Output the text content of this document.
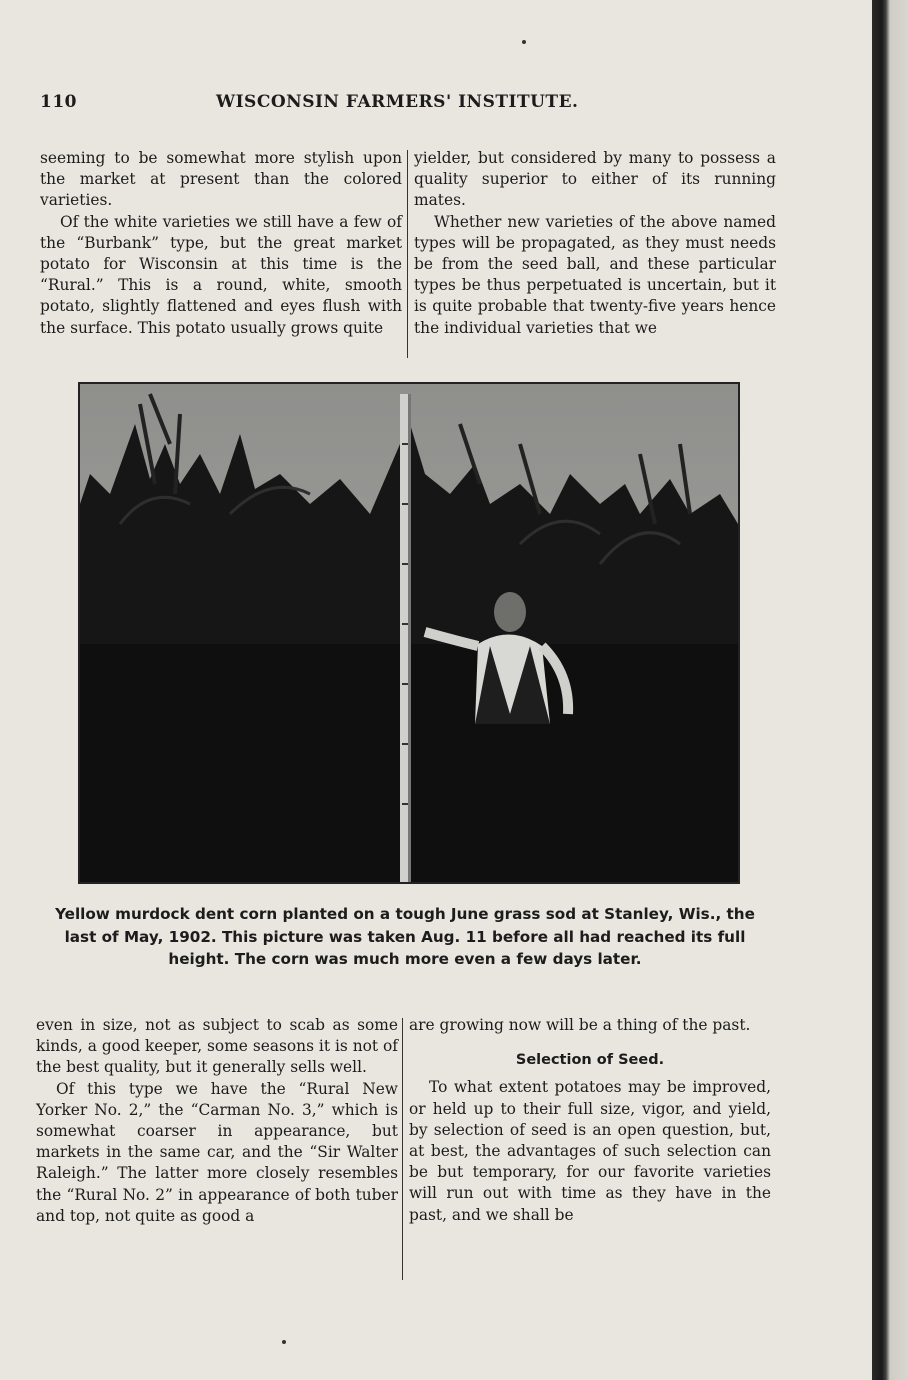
110	WISCONSIN FARMERS' INSTITUTE.

seeming to be somewhat more stylish upon the market at present than the colored varieties.

Of the white varieties we still have a few of the “Burbank” type, but the great market potato for Wisconsin at this time is the “Rural.” This is a round, white, smooth potato, slightly flattened and eyes flush with the surface. This potato usually grows quite

yielder, but considered by many to possess a quality superior to either of its running mates.

Whether new varieties of the above named types will be propagated, as they must needs be from the seed ball, and these particular types be thus perpetuated is uncertain, but it is quite probable that twenty-five years hence the individual varieties that we

Yellow murdock dent corn planted on a tough June grass sod at Stanley, Wis., the last of May, 1902. This picture was taken Aug. 11 before all had reached its full height. The corn was much more even a few days later.

even in size, not as subject to scab as some kinds, a good keeper, some seasons it is not of the best quality, but it generally sells well.

Of this type we have the “Rural New Yorker No. 2,” the “Carman No. 3,” which is somewhat coarser in appearance, but markets in the same car, and the “Sir Walter Raleigh.” The latter more closely resembles the “Rural No. 2” in appearance of both tuber and top, not quite as good a

are growing now will be a thing of the past.

Selection of Seed.

To what extent potatoes may be improved, or held up to their full size, vigor, and yield, by selection of seed is an open question, but, at best, the advantages of such selection can be but temporary, for our favorite varieties will run out with time as they have in the past, and we shall be
